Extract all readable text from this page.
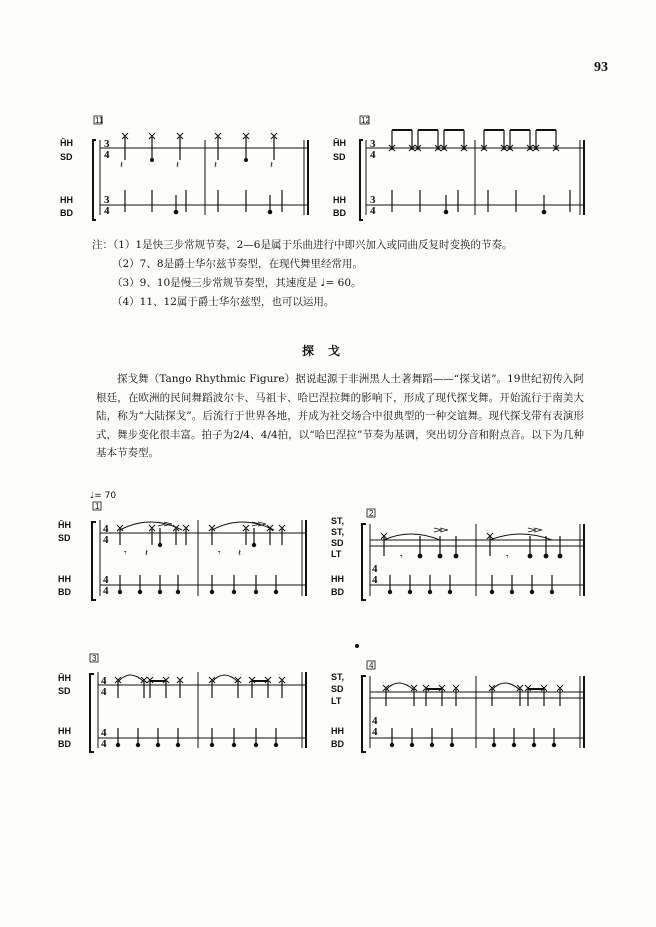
93
𝄽	𝄽	𝄽	𝄽
𝄾 𝄽	𝄾 𝄽	𝄾	𝄾
11	12
1
2
3
4
H̄H
SD
HH
BD
H̄H
SD
HH
BD
H̄H
SD
HH
BD
ST,
ST,
SD
LT
HH
BD
H̄H
SD
HH
BD
ST,
SD
LT
HH
BD
3
4
3
4
3
4
3
4
4
4
4
4
4
4
4
4
4
4
4
4
♩= 70
注：（1）1是快三步常规节奏，2—6是属于乐曲进行中即兴加入或同曲反复时变换的节奏。
（2）7、8是爵士华尔兹节奏型，在现代舞里经常用。
（3）9、10是慢三步常规节奏型，其速度是 ♩= 60。
（4）11、12属于爵士华尔兹型，也可以运用。
探戈

探戈舞（Tango Rhythmic Figure）据说起源于非洲黑人土著舞蹈——“探戈诺”。19世纪初传入阿根廷，在欧洲的民间舞蹈波尔卡、马祖卡、哈巴涅拉舞的影响下，形成了现代探戈舞。开始流行于南美大陆，称为“大陆探戈”。后流行于世界各地，并成为社交场合中很典型的一种交谊舞。现代探戈带有表演形式，舞步变化很丰富。拍子为2/4、4/4拍，以“哈巴涅拉”节奏为基调，突出切分音和附点音。以下为几种基本节奏型。
